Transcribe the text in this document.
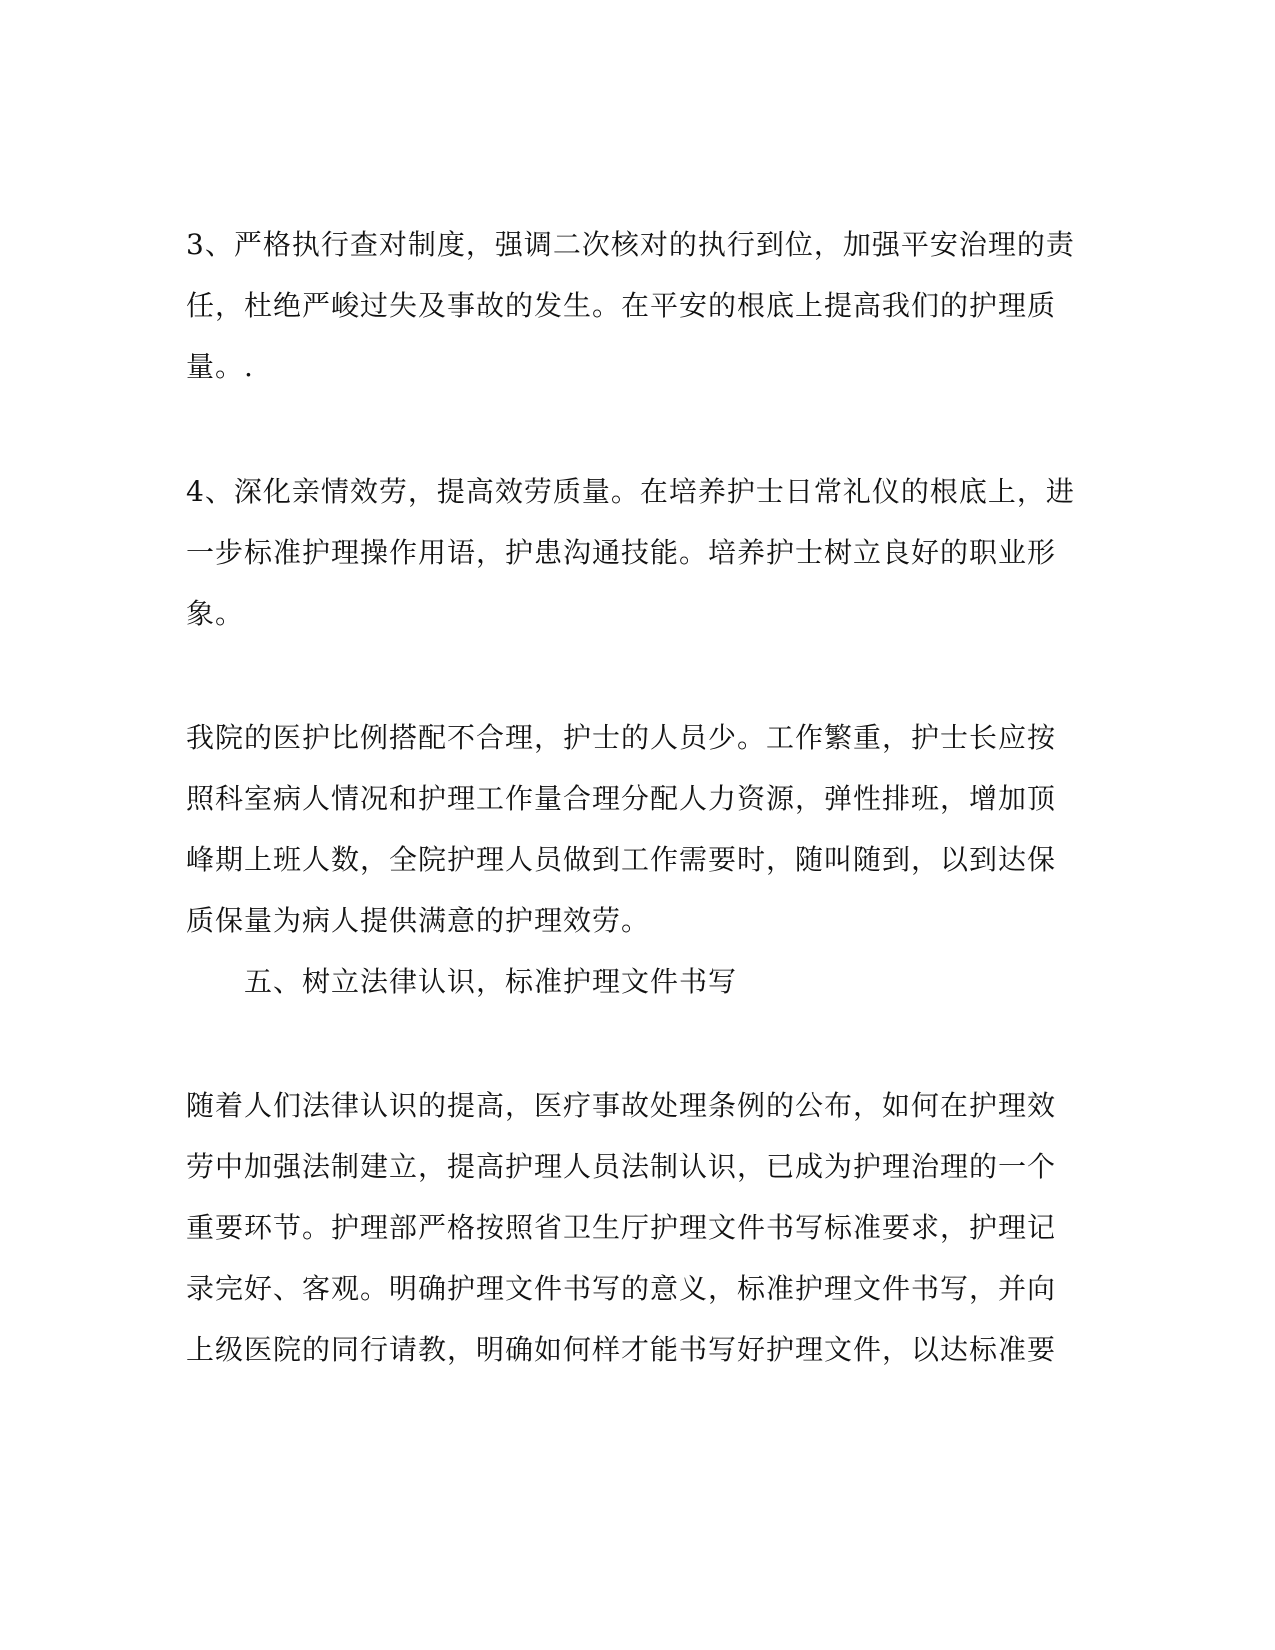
3、严格执行查对制度，强调二次核对的执行到位，加强平安治理的责

任，杜绝严峻过失及事故的发生。在平安的根底上提高我们的护理质

量。.

4、深化亲情效劳，提高效劳质量。在培养护士日常礼仪的根底上，进

一步标准护理操作用语，护患沟通技能。培养护士树立良好的职业形

象。

我院的医护比例搭配不合理，护士的人员少。工作繁重，护士长应按

照科室病人情况和护理工作量合理分配人力资源，弹性排班，增加顶

峰期上班人数，全院护理人员做到工作需要时，随叫随到，以到达保

质保量为病人提供满意的护理效劳。

五、树立法律认识，标准护理文件书写

随着人们法律认识的提高，医疗事故处理条例的公布，如何在护理效

劳中加强法制建立，提高护理人员法制认识，已成为护理治理的一个

重要环节。护理部严格按照省卫生厅护理文件书写标准要求，护理记

录完好、客观。明确护理文件书写的意义，标准护理文件书写，并向

上级医院的同行请教，明确如何样才能书写好护理文件，以达标准要
